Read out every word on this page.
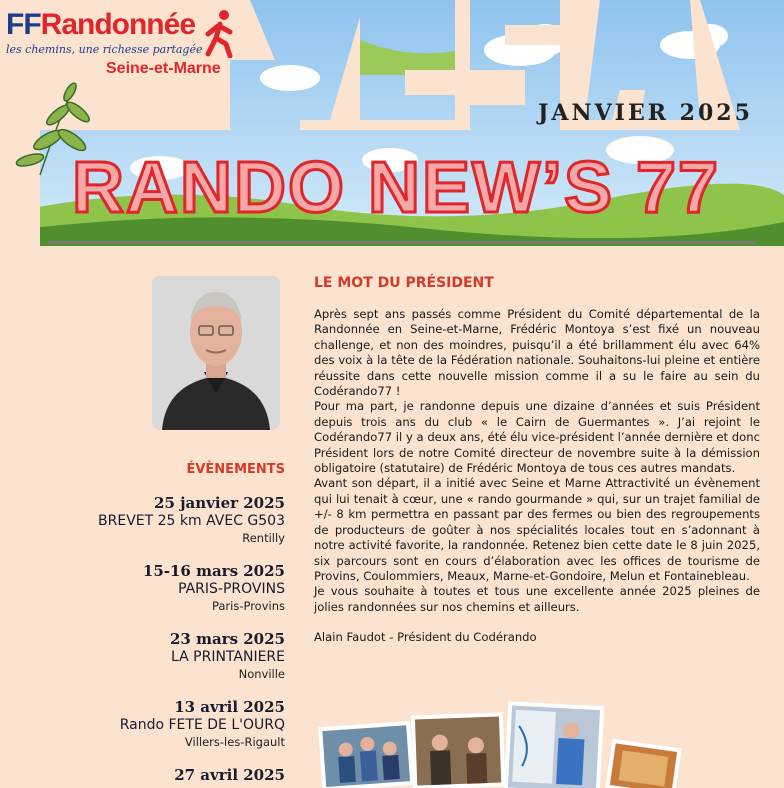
FFRandonnée
les chemins, une richesse partagée
Seine-et-Marne
JANVIER 2025
RANDO NEW’S 77
ÉVÈNEMENTS
25 janvier 2025
BREVET 25 km AVEC G503
Rentilly
15-16 mars 2025
PARIS-PROVINS
Paris-Provins
23 mars 2025
LA PRINTANIERE
Nonville
13 avril 2025
Rando FETE DE L'OURQ
Villers-les-Rigault
27 avril 2025
LE MOT DU PRÉSIDENT

Après sept ans passés comme Président du Comité départemental de la Randonnée en Seine-et-Marne, Frédéric Montoya s’est fixé un nouveau challenge, et non des moindres, puisqu’il a été brillamment élu avec 64% des voix à la tête de la Fédération nationale. Souhaitons-lui pleine et entière réussite dans cette nouvelle mission comme il a su le faire au sein du Codérando77 !

Pour ma part, je randonne depuis une dizaine d’années et suis Président depuis trois ans du club « le Cairn de Guermantes ». J’ai rejoint le Codérando77 il y a deux ans, été élu vice-président l’année dernière et donc Président lors de notre Comité directeur de novembre suite à la démission obligatoire (statutaire) de Frédéric Montoya de tous ces autres mandats.

Avant son départ, il a initié avec Seine et Marne Attractivité un évènement qui lui tenait à cœur, une « rando gourmande » qui, sur un trajet familial de +/- 8 km permettra en passant par des fermes ou bien des regroupements de producteurs de goûter à nos spécialités locales tout en s’adonnant à notre activité favorite, la randonnée. Retenez bien cette date le 8 juin 2025, six parcours sont en cours d’élaboration avec les offices de tourisme de Provins, Coulommiers, Meaux, Marne-et-Gondoire, Melun et Fontainebleau.

Je vous souhaite à toutes et tous une excellente année 2025 pleines de jolies randonnées sur nos chemins et ailleurs.

Alain Faudot - Président du Codérando
